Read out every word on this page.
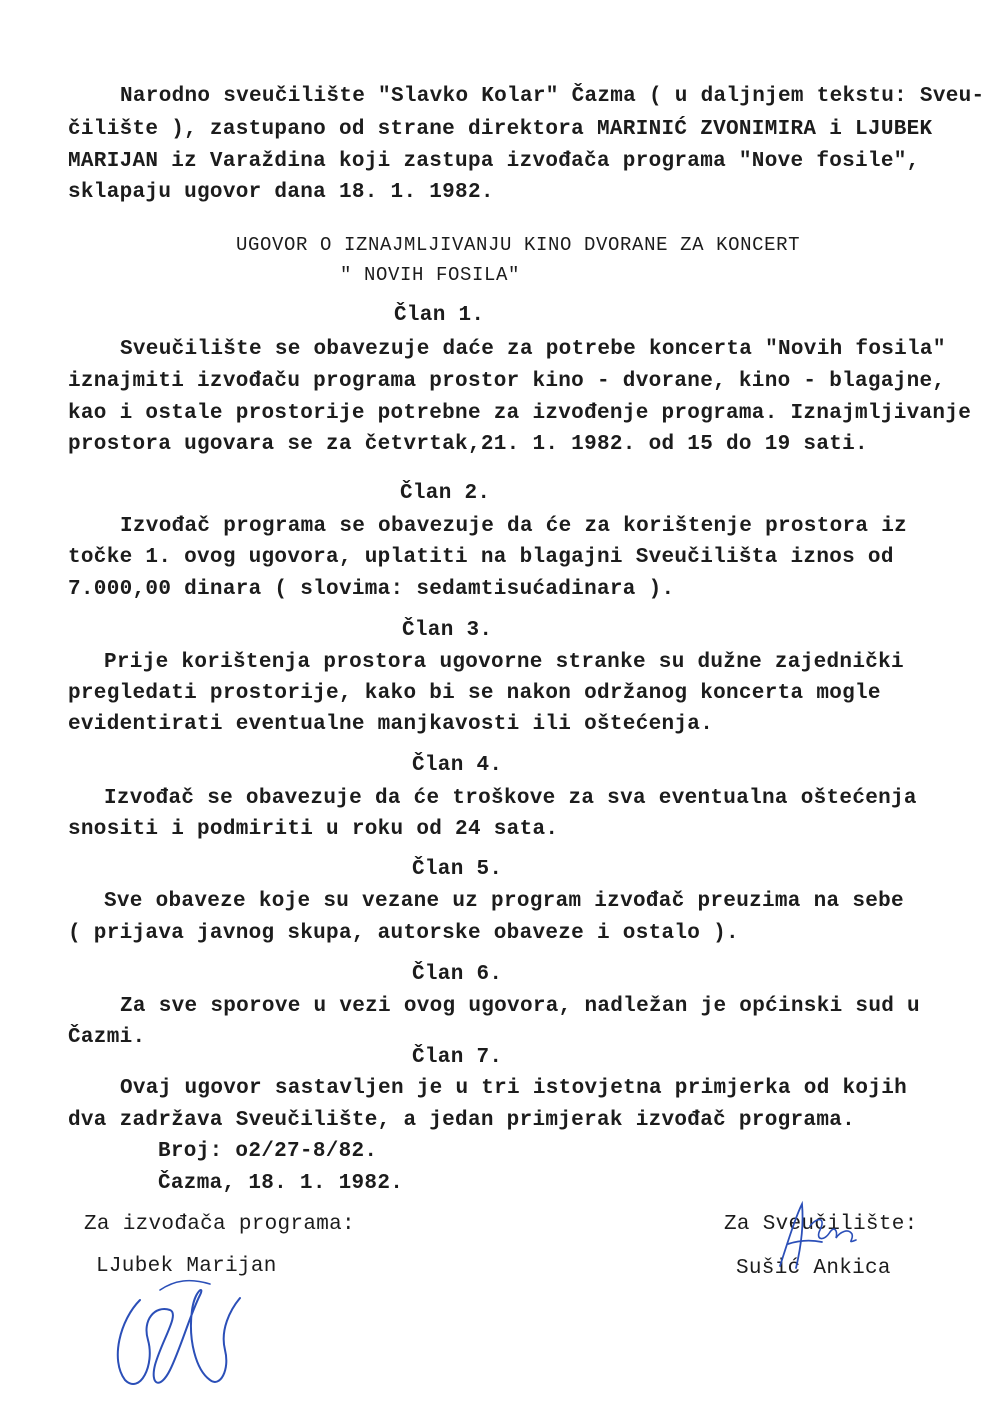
Narodno sveučilište "Slavko Kolar" Čazma ( u daljnjem tekstu: Sveu-
čilište ), zastupano od strane direktora MARINIĆ ZVONIMIRA i LJUBEK
MARIJAN iz Varaždina koji zastupa izvođača programa "Nove fosile",
sklapaju ugovor dana 18. 1. 1982.
UGOVOR O IZNAJMLJIVANJU KINO DVORANE ZA KONCERT
" NOVIH FOSILA"
Član 1.
Sveučilište se obavezuje daće za potrebe koncerta "Novih fosila"
iznajmiti izvođaču programa prostor kino - dvorane, kino - blagajne,
kao i ostale prostorije potrebne za izvođenje programa. Iznajmljivanje
prostora ugovara se za četvrtak,21. 1. 1982. od 15 do 19 sati.
Član 2.
Izvođač programa se obavezuje da će za korištenje prostora iz
točke 1. ovog ugovora, uplatiti na blagajni Sveučilišta iznos od
7.000,00 dinara ( slovima: sedamtisućadinara ).
Član 3.
Prije korištenja prostora ugovorne stranke su dužne zajednički
pregledati prostorije, kako bi se nakon održanog koncerta mogle
evidentirati eventualne manjkavosti ili oštećenja.
Član 4.
Izvođač se obavezuje da će troškove za sva eventualna oštećenja
snositi i podmiriti u roku od 24 sata.
Član 5.
Sve obaveze koje su vezane uz program izvođač preuzima na sebe
( prijava javnog skupa, autorske obaveze i ostalo ).
Član 6.
Za sve sporove u vezi ovog ugovora, nadležan je općinski sud u
Čazmi.
Član 7.
Ovaj ugovor sastavljen je u tri istovjetna primjerka od kojih
dva zadržava Sveučilište, a jedan primjerak izvođač programa.
Broj: o2/27-8/82.
Čazma, 18. 1. 1982.
Za izvođača programa:
LJubek Marijan
Za Sveučilište:
Sušić Ankica
